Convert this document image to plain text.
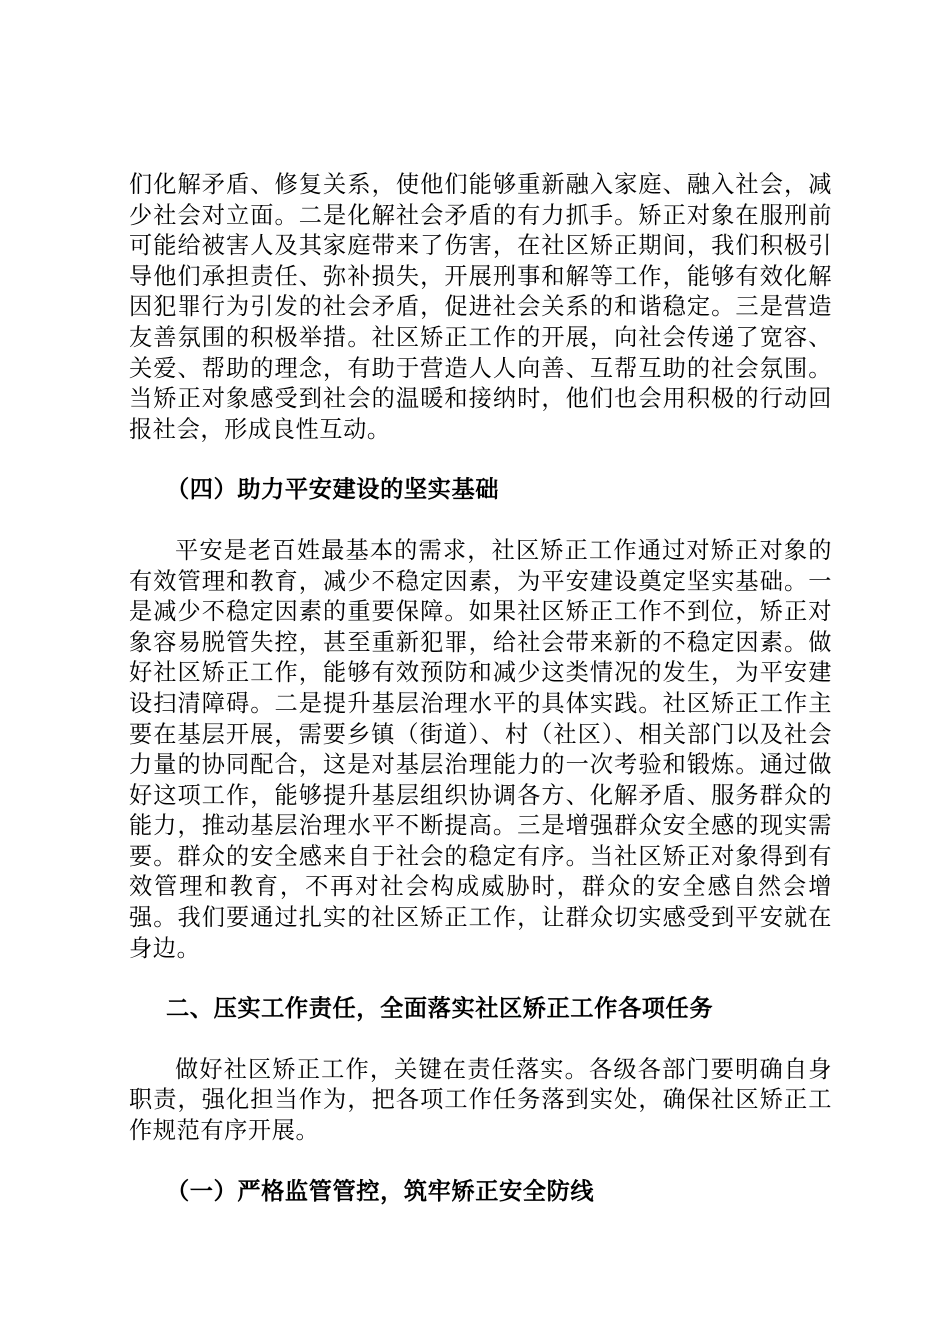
们化解矛盾、修复关系，使他们能够重新融入家庭、融入社会，减少社会对立面。二是化解社会矛盾的有力抓手。矫正对象在服刑前可能给被害人及其家庭带来了伤害，在社区矫正期间，我们积极引导他们承担责任、弥补损失，开展刑事和解等工作，能够有效化解因犯罪行为引发的社会矛盾，促进社会关系的和谐稳定。三是营造友善氛围的积极举措。社区矫正工作的开展，向社会传递了宽容、关爱、帮助的理念，有助于营造人人向善、互帮互助的社会氛围。当矫正对象感受到社会的温暖和接纳时，他们也会用积极的行动回报社会，形成良性互动。

（四）助力平安建设的坚实基础

平安是老百姓最基本的需求，社区矫正工作通过对矫正对象的有效管理和教育，减少不稳定因素，为平安建设奠定坚实基础。一是减少不稳定因素的重要保障。如果社区矫正工作不到位，矫正对象容易脱管失控，甚至重新犯罪，给社会带来新的不稳定因素。做好社区矫正工作，能够有效预防和减少这类情况的发生，为平安建设扫清障碍。二是提升基层治理水平的具体实践。社区矫正工作主要在基层开展，需要乡镇（街道）、村（社区）、相关部门以及社会力量的协同配合，这是对基层治理能力的一次考验和锻炼。通过做好这项工作，能够提升基层组织协调各方、化解矛盾、服务群众的能力，推动基层治理水平不断提高。三是增强群众安全感的现实需要。群众的安全感来自于社会的稳定有序。当社区矫正对象得到有效管理和教育，不再对社会构成威胁时，群众的安全感自然会增强。我们要通过扎实的社区矫正工作，让群众切实感受到平安就在身边。

二、压实工作责任，全面落实社区矫正工作各项任务

做好社区矫正工作，关键在责任落实。各级各部门要明确自身职责，强化担当作为，把各项工作任务落到实处，确保社区矫正工作规范有序开展。

（一）严格监管管控，筑牢矫正安全防线
